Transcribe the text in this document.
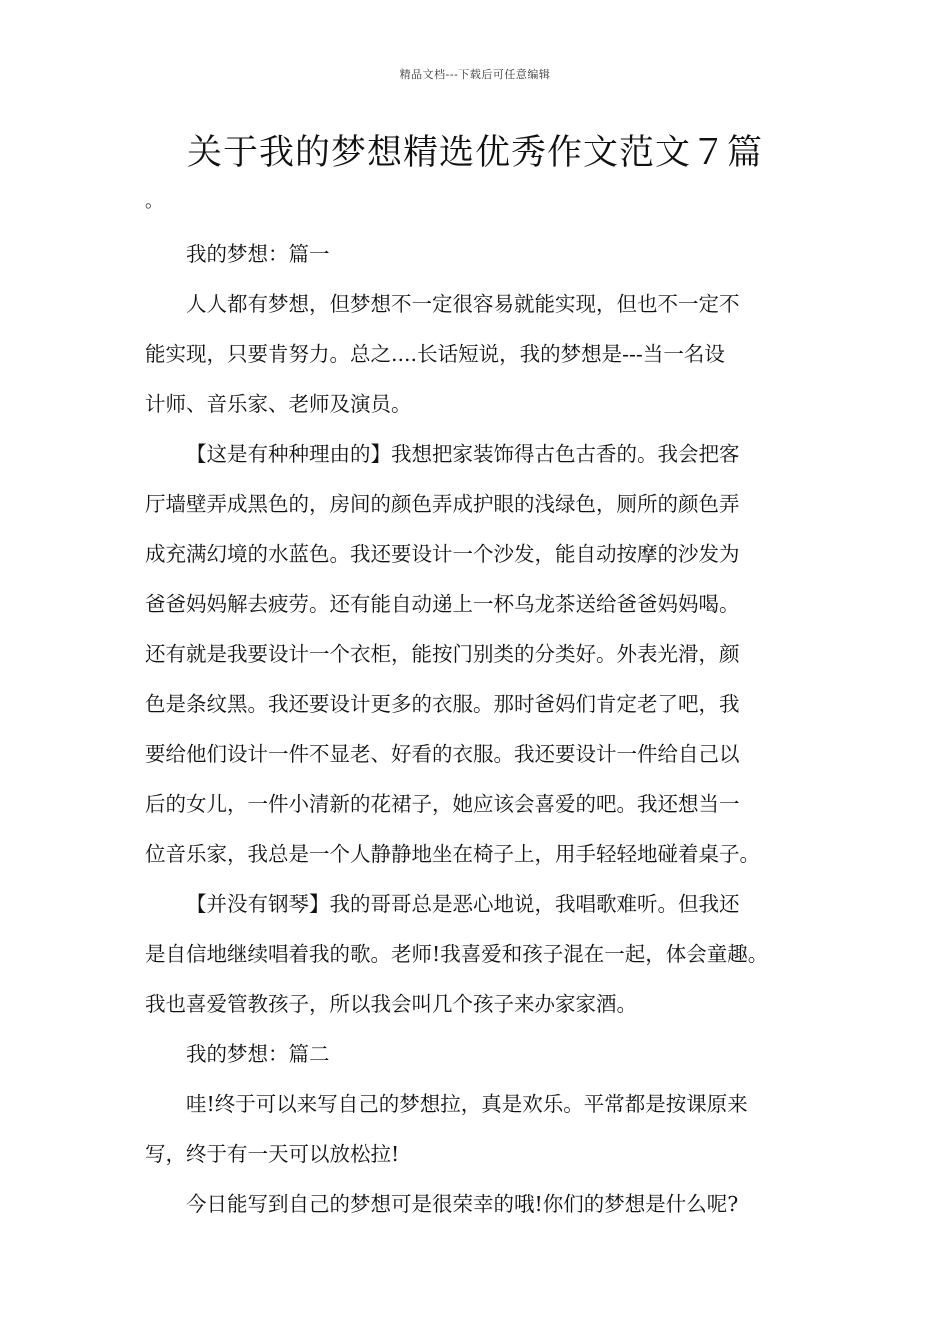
精品文档---下载后可任意编辑
关于我的梦想精选优秀作文范文７篇
。
我的梦想：篇一
人人都有梦想，但梦想不一定很容易就能实现，但也不一定不
能实现，只要肯努力。总之....长话短说，我的梦想是---当一名设
计师、音乐家、老师及演员。
【这是有种种理由的】我想把家装饰得古色古香的。我会把客
厅墙壁弄成黑色的，房间的颜色弄成护眼的浅绿色，厕所的颜色弄
成充满幻境的水蓝色。我还要设计一个沙发，能自动按摩的沙发为
爸爸妈妈解去疲劳。还有能自动递上一杯乌龙茶送给爸爸妈妈喝。
还有就是我要设计一个衣柜，能按门别类的分类好。外表光滑，颜
色是条纹黑。我还要设计更多的衣服。那时爸妈们肯定老了吧，我
要给他们设计一件不显老、好看的衣服。我还要设计一件给自己以
后的女儿，一件小清新的花裙子，她应该会喜爱的吧。我还想当一
位音乐家，我总是一个人静静地坐在椅子上，用手轻轻地碰着桌子。
【并没有钢琴】我的哥哥总是恶心地说，我唱歌难听。但我还
是自信地继续唱着我的歌。老师!我喜爱和孩子混在一起，体会童趣。
我也喜爱管教孩子，所以我会叫几个孩子来办家家酒。
我的梦想：篇二
哇!终于可以来写自己的梦想拉，真是欢乐。平常都是按课原来
写，终于有一天可以放松拉!
今日能写到自己的梦想可是很荣幸的哦!你们的梦想是什么呢?
